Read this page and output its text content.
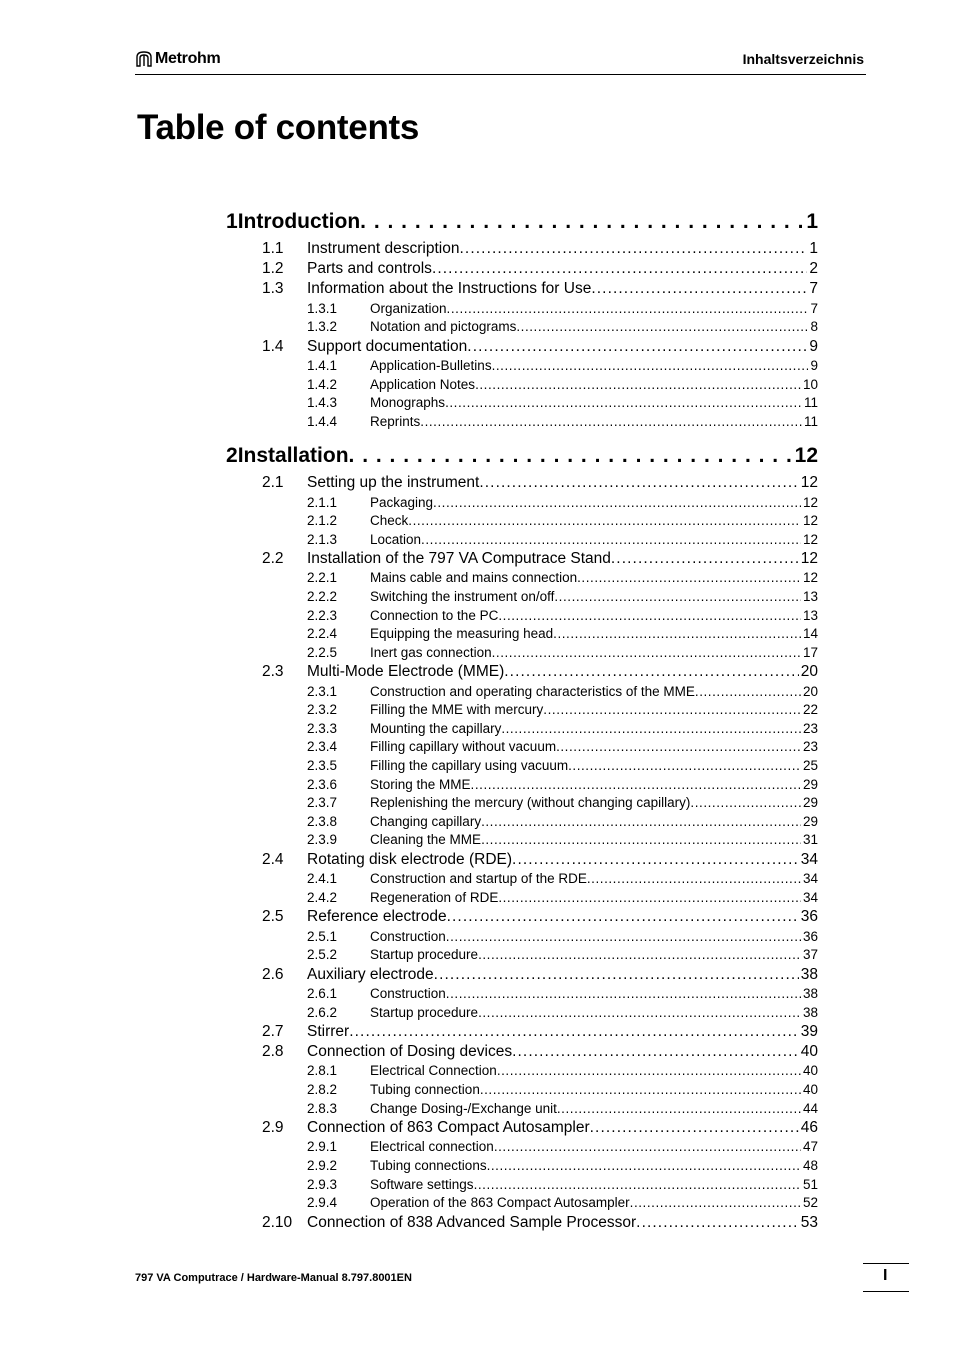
Metrohm	Inhaltsverzeichnis
Table of contents
1 Introduction . . .	1
1.1 Instrument description . . .	1
1.2 Parts and controls . . .	2
1.3 Information about the Instructions for Use . . .	7
1.3.1 Organization . . .	7
1.3.2 Notation and pictograms . . .	8
1.4 Support documentation . . .	9
1.4.1 Application-Bulletins . . .	9
1.4.2 Application Notes . . .	10
1.4.3 Monographs . . .	11
1.4.4 Reprints . . .	11
2 Installation . . .	12
2.1 Setting up the instrument . . .	12
2.1.1 Packaging . . .	12
2.1.2 Check . . .	12
2.1.3 Location . . .	12
2.2 Installation of the 797 VA Computrace Stand . . .	12
2.2.1 Mains cable and mains connection . . .	12
2.2.2 Switching the instrument on/off . . .	13
2.2.3 Connection to the PC . . .	13
2.2.4 Equipping the measuring head . . .	14
2.2.5 Inert gas connection . . .	17
2.3 Multi-Mode Electrode (MME) . . .	20
2.3.1 Construction and operating characteristics of the MME . . .	20
2.3.2 Filling the MME with mercury . . .	22
2.3.3 Mounting the capillary . . .	23
2.3.4 Filling capillary without vacuum . . .	23
2.3.5 Filling the capillary using vacuum . . .	25
2.3.6 Storing the MME . . .	29
2.3.7 Replenishing the mercury (without changing capillary) . . .	29
2.3.8 Changing capillary . . .	29
2.3.9 Cleaning the MME . . .	31
2.4 Rotating disk electrode (RDE) . . .	34
2.4.1 Construction and startup of the RDE . . .	34
2.4.2 Regeneration of RDE . . .	34
2.5 Reference electrode . . .	36
2.5.1 Construction . . .	36
2.5.2 Startup procedure . . .	37
2.6 Auxiliary electrode . . .	38
2.6.1 Construction . . .	38
2.6.2 Startup procedure . . .	38
2.7 Stirrer . . .	39
2.8 Connection of Dosing devices . . .	40
2.8.1 Electrical Connection . . .	40
2.8.2 Tubing connection . . .	40
2.8.3 Change Dosing-/Exchange unit . . .	44
2.9 Connection of 863 Compact Autosampler . . .	46
2.9.1 Electrical connection . . .	47
2.9.2 Tubing connections . . .	48
2.9.3 Software settings . . .	51
2.9.4 Operation of the 863 Compact Autosampler . . .	52
2.10 Connection of 838 Advanced Sample Processor . . .	53
797 VA Computrace / Hardware-Manual 8.797.8001EN	I
